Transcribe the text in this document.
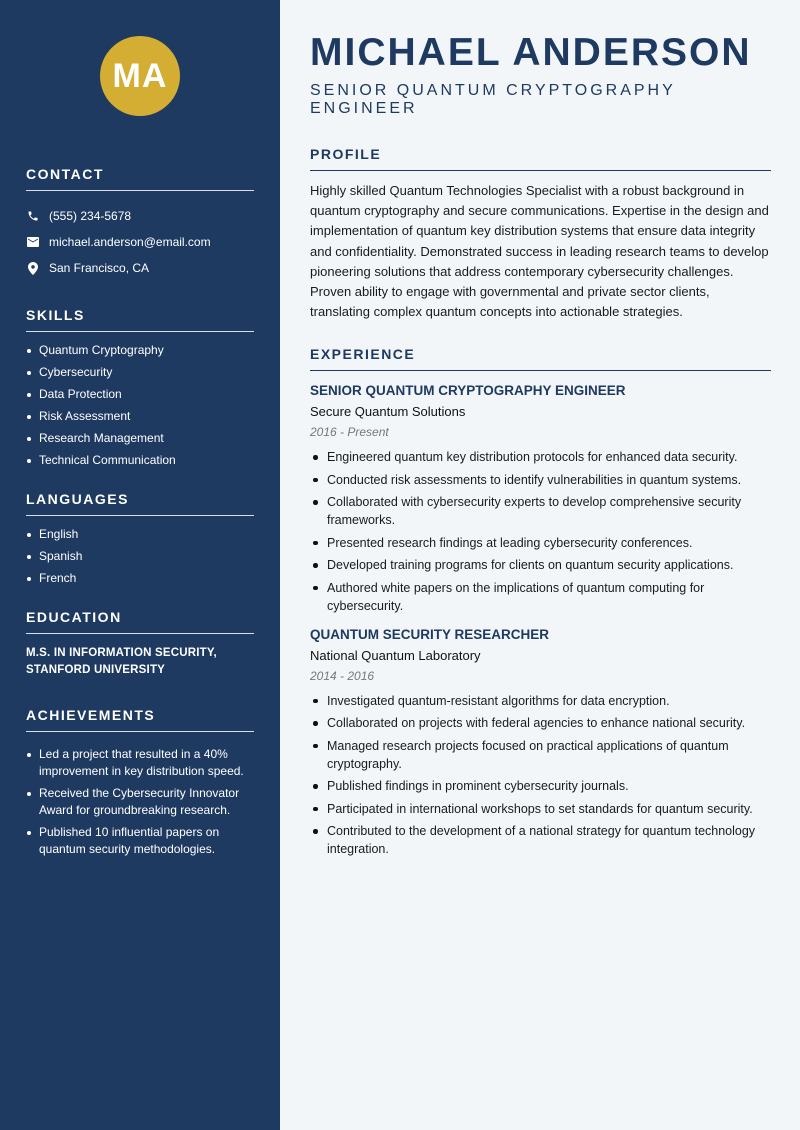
MA
CONTACT
(555) 234-5678
michael.anderson@email.com
San Francisco, CA
SKILLS
Quantum Cryptography
Cybersecurity
Data Protection
Risk Assessment
Research Management
Technical Communication
LANGUAGES
English
Spanish
French
EDUCATION
M.S. IN INFORMATION SECURITY,
STANFORD UNIVERSITY
ACHIEVEMENTS
Led a project that resulted in a 40% improvement in key distribution speed.
Received the Cybersecurity Innovator Award for groundbreaking research.
Published 10 influential papers on quantum security methodologies.
MICHAEL ANDERSON
SENIOR QUANTUM CRYPTOGRAPHY ENGINEER
PROFILE
Highly skilled Quantum Technologies Specialist with a robust background in quantum cryptography and secure communications. Expertise in the design and implementation of quantum key distribution systems that ensure data integrity and confidentiality. Demonstrated success in leading research teams to develop pioneering solutions that address contemporary cybersecurity challenges. Proven ability to engage with governmental and private sector clients, translating complex quantum concepts into actionable strategies.
EXPERIENCE
SENIOR QUANTUM CRYPTOGRAPHY ENGINEER
Secure Quantum Solutions
2016 - Present
Engineered quantum key distribution protocols for enhanced data security.
Conducted risk assessments to identify vulnerabilities in quantum systems.
Collaborated with cybersecurity experts to develop comprehensive security frameworks.
Presented research findings at leading cybersecurity conferences.
Developed training programs for clients on quantum security applications.
Authored white papers on the implications of quantum computing for cybersecurity.
QUANTUM SECURITY RESEARCHER
National Quantum Laboratory
2014 - 2016
Investigated quantum-resistant algorithms for data encryption.
Collaborated on projects with federal agencies to enhance national security.
Managed research projects focused on practical applications of quantum cryptography.
Published findings in prominent cybersecurity journals.
Participated in international workshops to set standards for quantum security.
Contributed to the development of a national strategy for quantum technology integration.
